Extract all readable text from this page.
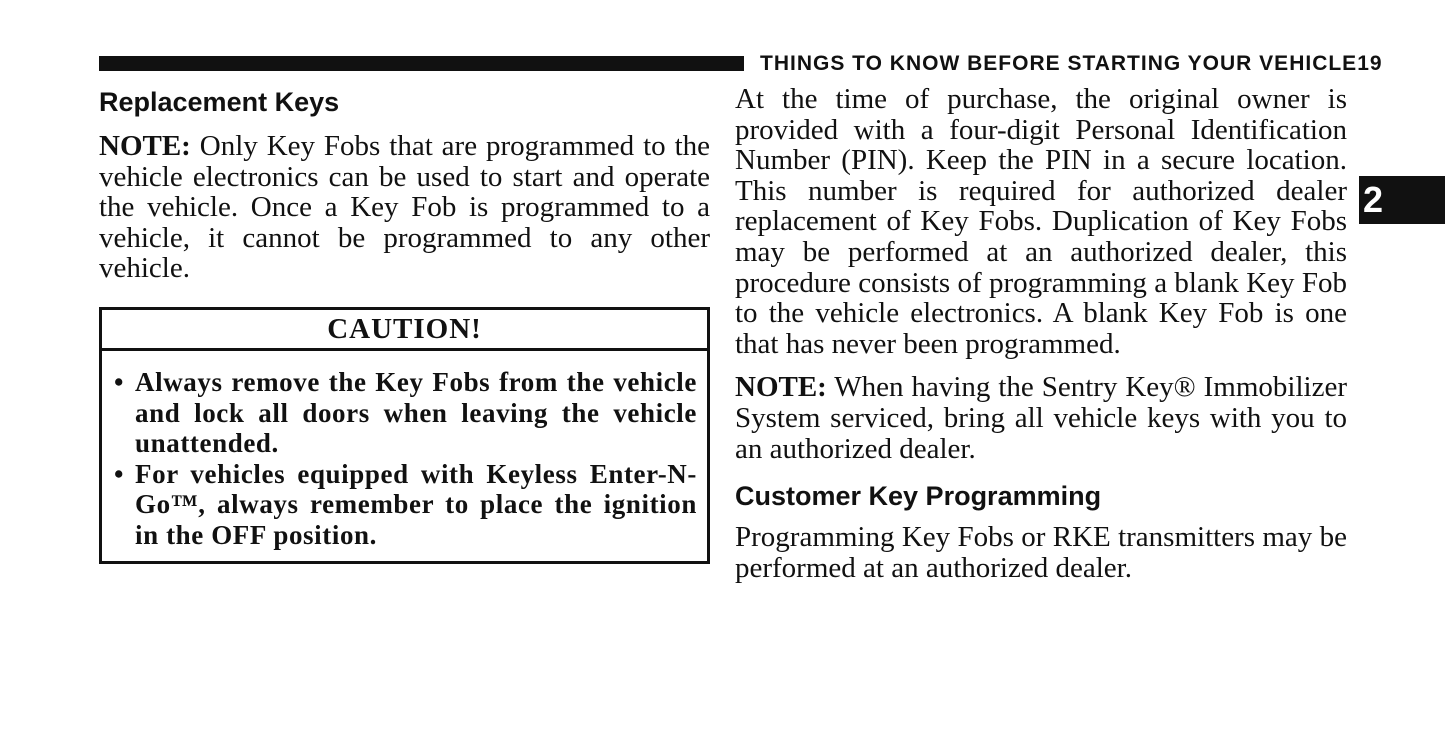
THINGS TO KNOW BEFORE STARTING YOUR VEHICLE 19
2
Replacement Keys

NOTE: Only Key Fobs that are programmed to the vehicle electronics can be used to start and operate the vehicle. Once a Key Fob is programmed to a vehicle, it cannot be programmed to any other vehicle.

CAUTION!
• Always remove the Key Fobs from the vehicle and lock all doors when leaving the vehicle unattended.
• For vehicles equipped with Keyless Enter-N-Go™, always remember to place the ignition in the OFF position.

At the time of purchase, the original owner is provided with a four-digit Personal Identification Number (PIN). Keep the PIN in a secure location. This number is required for authorized dealer replacement of Key Fobs. Duplication of Key Fobs may be performed at an authorized dealer, this procedure consists of programming a blank Key Fob to the vehicle electronics. A blank Key Fob is one that has never been programmed.

NOTE: When having the Sentry Key® Immobilizer System serviced, bring all vehicle keys with you to an authorized dealer.

Customer Key Programming

Programming Key Fobs or RKE transmitters may be performed at an authorized dealer.
